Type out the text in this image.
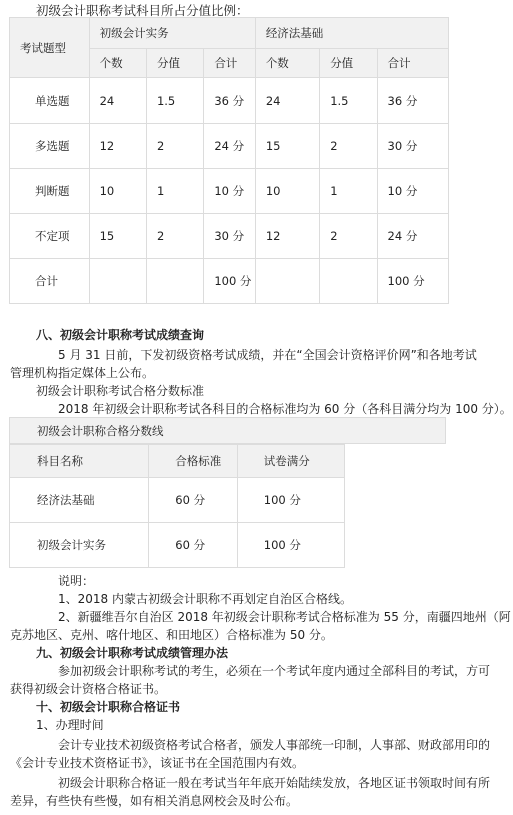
初级会计职称考试科目所占分值比例：
考试题型	初级会计实务			经济法基础		
	个数	分值	合计	个数	分值	合计
单选题	24	1.5	36 分	24	1.5	36 分
多选题	12	2	24 分	15	2	30 分
判断题	10	1	10 分	10	1	10 分
不定项	15	2	30 分	12	2	24 分
合计			100 分			100 分
八、初级会计职称考试成绩查询
5 月 31 日前，下发初级资格考试成绩，并在“全国会计资格评价网”和各地考试
管理机构指定媒体上公布。
初级会计职称考试合格分数标准
2018 年初级会计职称考试各科目的合格标准均为 60 分（各科目满分均为 100 分）。
初级会计职称合格分数线
科目名称	合格标准	试卷满分
经济法基础	60 分	100 分
初级会计实务	60 分	100 分
说明：
1、2018 内蒙古初级会计职称不再划定自治区合格线。
2、新疆维吾尔自治区 2018 年初级会计职称考试合格标准为 55 分，南疆四地州（阿
克苏地区、克州、喀什地区、和田地区）合格标准为 50 分。
九、初级会计职称考试成绩管理办法
参加初级会计职称考试的考生，必须在一个考试年度内通过全部科目的考试，方可
获得初级会计资格合格证书。
十、初级会计职称合格证书
1、办理时间
会计专业技术初级资格考试合格者，颁发人事部统一印制，人事部、财政部用印的
《会计专业技术资格证书》，该证书在全国范围内有效。
初级会计职称合格证一般在考试当年年底开始陆续发放，各地区证书领取时间有所
差异，有些快有些慢，如有相关消息网校会及时公布。
